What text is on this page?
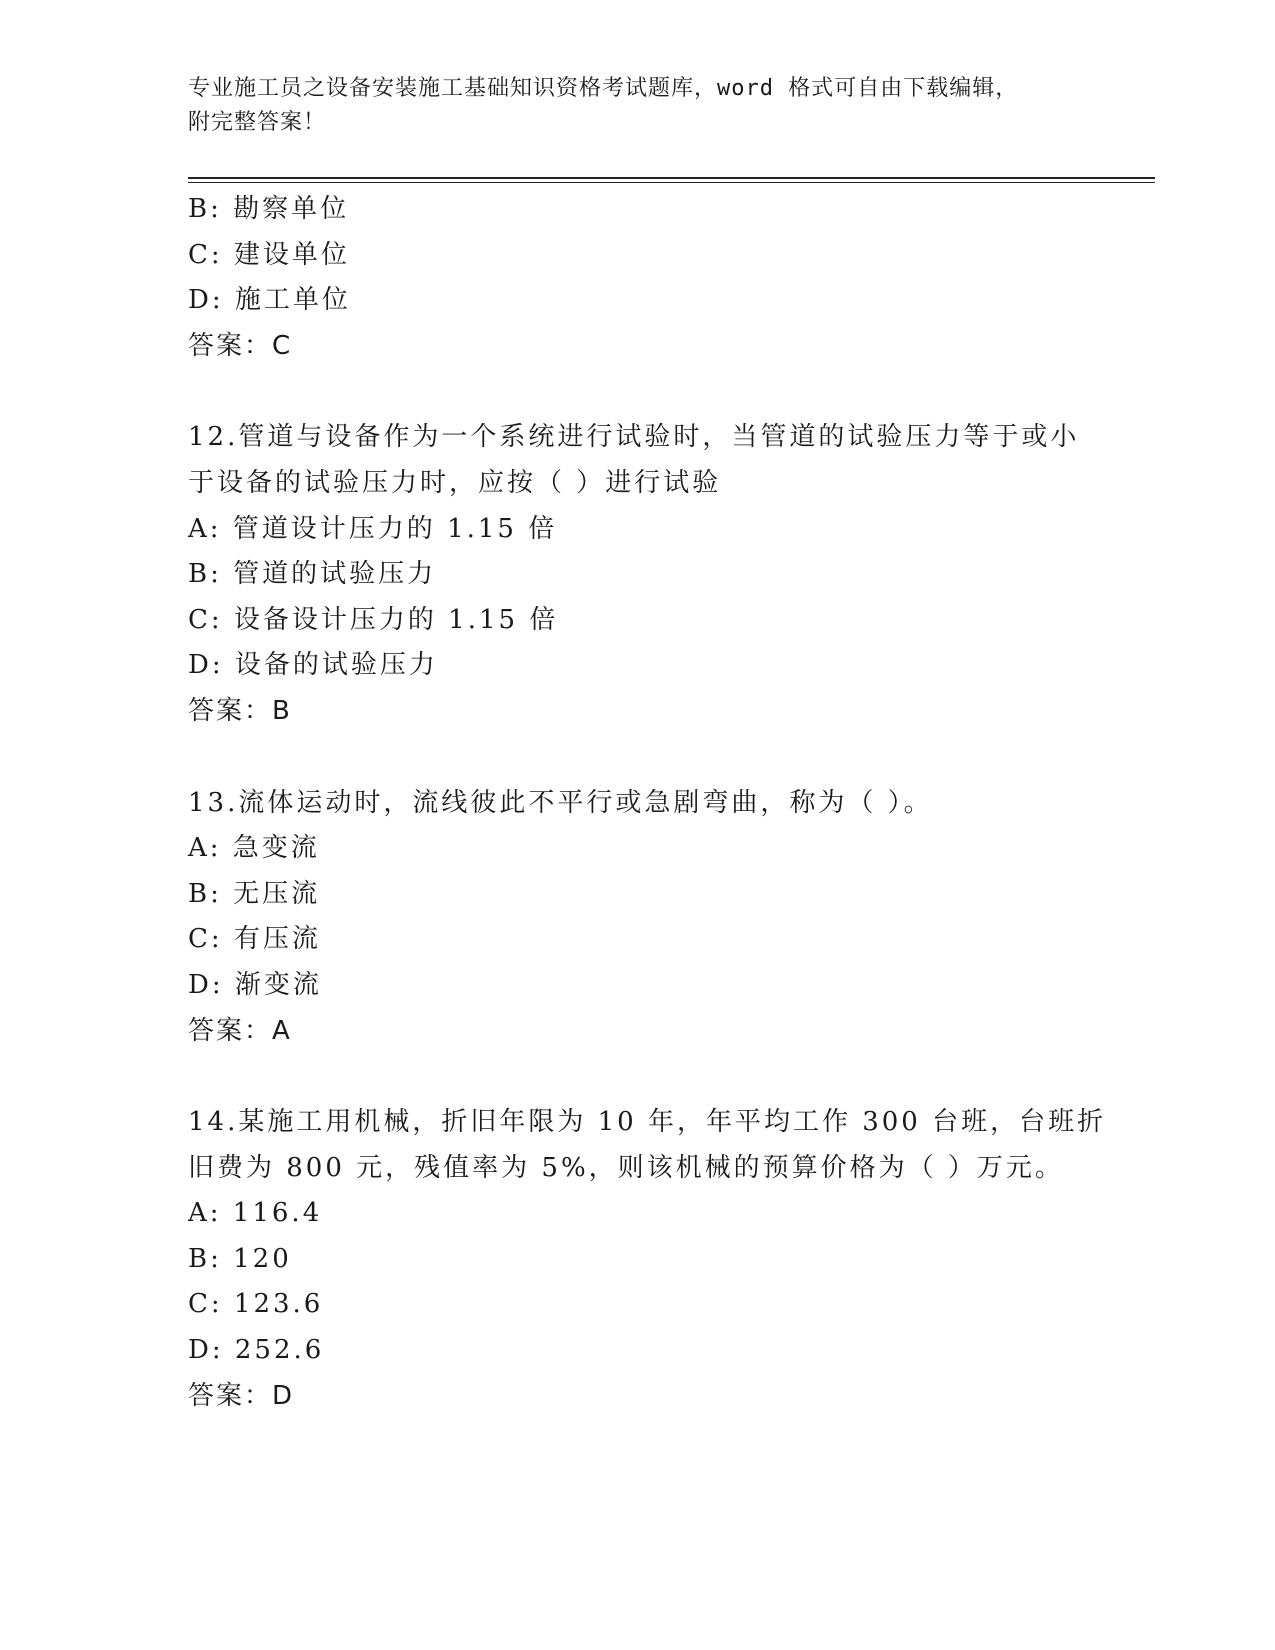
专业施工员之设备安装施工基础知识资格考试题库，word 格式可自由下载编辑，
附完整答案！
B: 勘察单位
C: 建设单位
D: 施工单位
答案：C
12.管道与设备作为一个系统进行试验时，当管道的试验压力等于或小
于设备的试验压力时，应按（ ）进行试验
A: 管道设计压力的 1.15 倍
B: 管道的试验压力
C: 设备设计压力的 1.15 倍
D: 设备的试验压力
答案：B
13.流体运动时，流线彼此不平行或急剧弯曲，称为（ ）。
A: 急变流
B: 无压流
C: 有压流
D: 渐变流
答案：A
14.某施工用机械，折旧年限为 10 年，年平均工作 300 台班，台班折
旧费为 800 元，残值率为 5%，则该机械的预算价格为（ ）万元。
A: 116.4
B: 120
C: 123.6
D: 252.6
答案：D
